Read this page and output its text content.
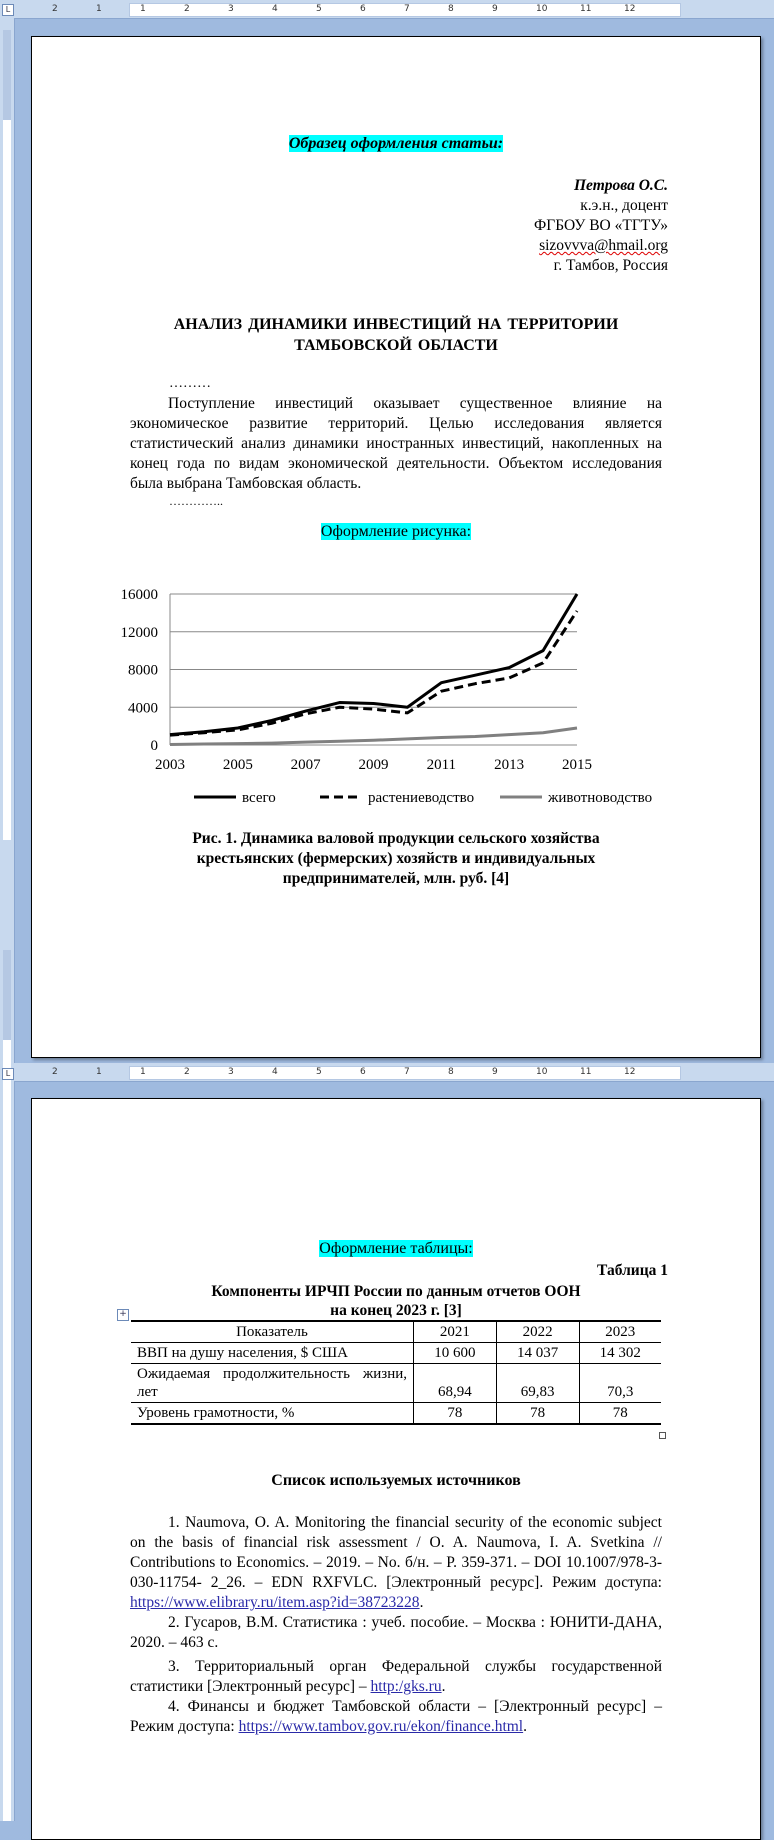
L
L
2	1	1	2	3	4	5	6	7	8	9	10	11	12
2	1	1	2	3	4	5	6	7	8	9	10	11	12

Образец оформления статьи:

Петрова О.С.
к.э.н., доцент
ФГБОУ ВО «ТГТУ»
sizovvva@hmail.org
г. Тамбов, Россия
АНАЛИЗ ДИНАМИКИ ИНВЕСТИЦИЙ НА ТЕРРИТОРИИ
ТАМБОВСКОЙ ОБЛАСТИ
………

Поступление инвестиций оказывает существенное влияние на экономическое развитие территорий. Целью исследования является статистический анализ динамики иностранных инвестиций, накопленных на конец года по видам экономической деятельности. Объектом исследования была выбрана Тамбовская область.

…………..

Оформление рисунка:

0
4000
8000
12000
16000
2003	2005	2007	2009	2011	2013	2015
всего	растениеводство	животноводство
Рис. 1. Динамика валовой продукции сельского хозяйства крестьянских (фермерских) хозяйств и индивидуальных предпринимателей, млн. руб. [4]

Оформление таблицы:

Таблица 1
Компоненты ИРЧП России по данным отчетов ООН
на конец 2023 г. [3]
+
Показатель	2021	2022	2023
ВВП на душу населения, $ США	10 600	14 037	14 302
Ожидаемая продолжительность жизни, лет	68,94	69,83	70,3
Уровень грамотности, %	78	78	78
Список используемых источников

1. Naumova, O. A. Monitoring the financial security of the economic subject on the basis of financial risk assessment / O. A. Naumova, I. A. Svetkina // Contributions to Economics. – 2019. – No. б/н. – P. 359-371. – DOI 10.1007/978-3-030-11754- 2_26. – EDN RXFVLC. [Электронный ресурс]. Режим доступа: https://www.elibrary.ru/item.asp?id=38723228.

2. Гусаров, В.М. Статистика : учеб. пособие. – Москва : ЮНИТИ-ДАНА, 2020. – 463 с.

3. Территориальный орган Федеральной службы государственной статистики [Электронный ресурс] – http:/gks.ru.

4. Финансы и бюджет Тамбовской области – [Электронный ресурс] – Режим доступа: https://www.tambov.gov.ru/ekon/finance.html.
